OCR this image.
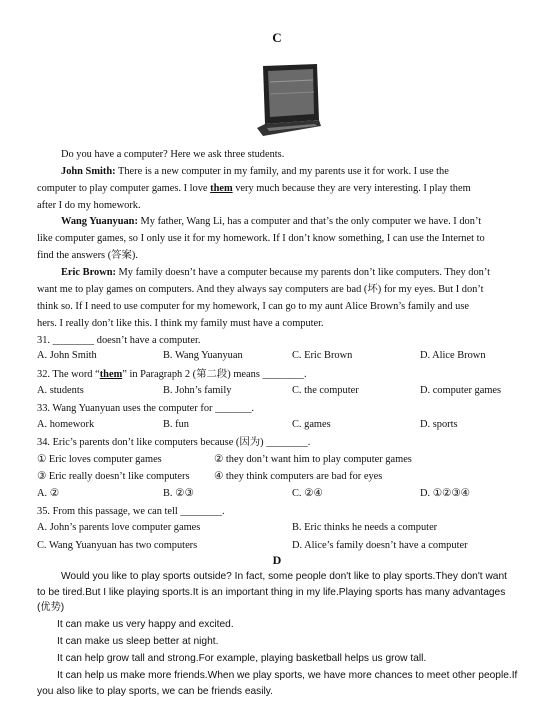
C
Do you have a computer? Here we ask three students.
John Smith: There is a new computer in my family, and my parents use it for work. I use the
computer to play computer games. I love them very much because they are very interesting. I play them
after I do my homework.
Wang Yuanyuan: My father, Wang Li, has a computer and that’s the only computer we have. I don’t
like computer games, so I only use it for my homework. If I don’t know something, I can use the Internet to
find the answers (答案).
Eric Brown: My family doesn’t have a computer because my parents don’t like computers. They don’t
want me to play games on computers. And they always say computers are bad (坏) for my eyes. But I don’t
think so. If I need to use computer for my homework, I can go to my aunt Alice Brown’s family and use
hers. I really don’t like this. I think my family must have a computer.
31. ________ doesn’t have a computer.
A. John Smith	B. Wang Yuanyuan	C. Eric Brown	D. Alice Brown
32. The word “them” in Paragraph 2 (第二段) means ________.
A. students	B. John’s family	C. the computer	D. computer games
33. Wang Yuanyuan uses the computer for _______.
A. homework	B. fun	C. games	D. sports
34. Eric’s parents don’t like computers because (因为) ________.
① Eric loves computer games	② they don’t want him to play computer games
③ Eric really doesn’t like computers ④ they think computers are bad for eyes
A. ②	B. ②③	C. ②④	D. ①②③④
35. From this passage, we can tell ________.
A. John’s parents love computer games	B. Eric thinks he needs a computer
C. Wang Yuanyuan has two computers	D. Alice’s family doesn’t have a computer
D
Would you like to play sports outside? In fact, some people don't like to play sports.They don't want
to be tired.But I like playing sports.It is an important thing in my life.Playing sports has many advantages
(优势)
It can make us very happy and excited.
It can make us sleep better at night.
It can help grow tall and strong.For example, playing basketball helps us grow tall.
It can help us make more friends.When we play sports, we have more chances to meet other people.If
you also like to play sports, we can be friends easily.
